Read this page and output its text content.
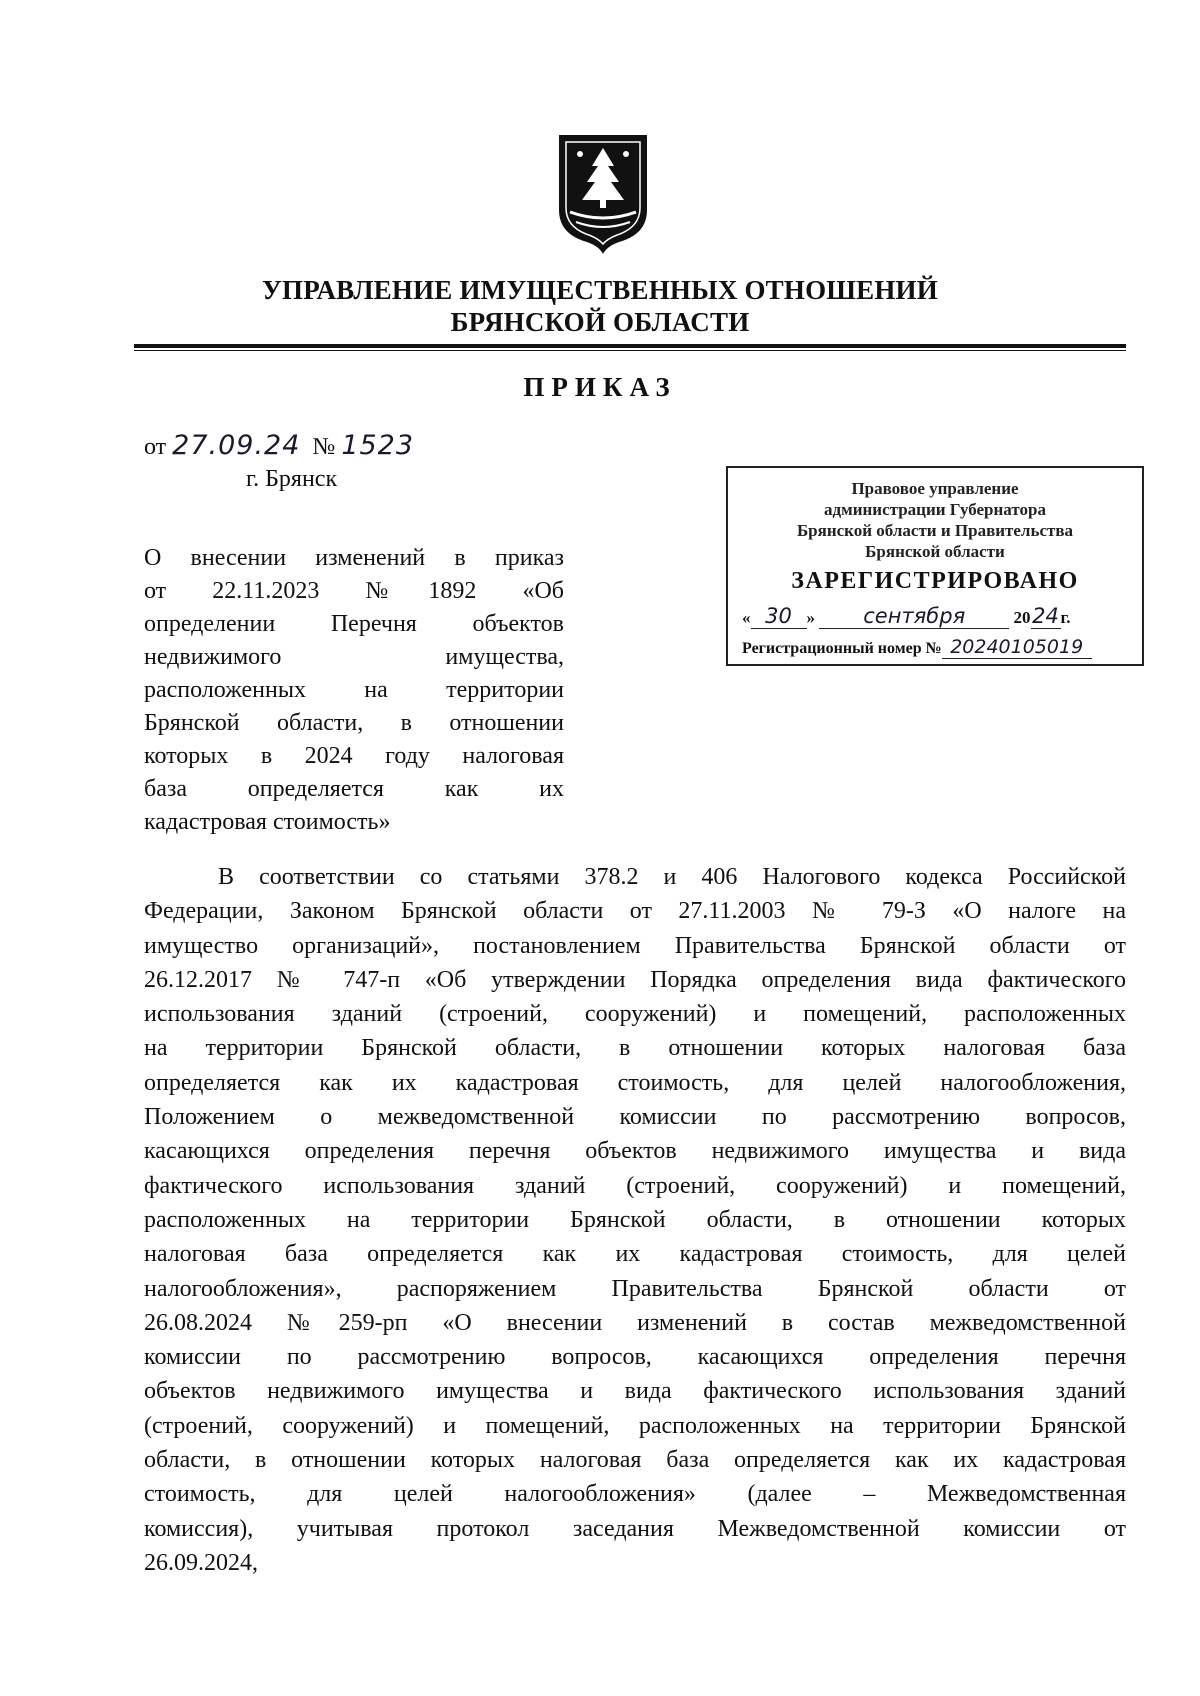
УПРАВЛЕНИЕ ИМУЩЕСТВЕННЫХ ОТНОШЕНИЙ
БРЯНСКОЙ ОБЛАСТИ
ПРИКАЗ
от 27.09.24 № 1523
г. Брянск
О внесении изменений в приказ
от 22.11.2023 №1892 «Об
определении Перечня объектов
недвижимого имущества,
расположенных на территории
Брянской области, в отношении
которых в 2024 году налоговая
база определяется как их
кадастровая стоимость»
Правовое управление
администрации Губернатора
Брянской области и Правительства
Брянской области
ЗАРЕГИСТРИРОВАНО
« 30 » сентября	2024г.
Регистрационный номер № 20240105019
В соответствии со статьями 378.2 и 406 Налогового кодекса Российской
Федерации, Законом Брянской области от 27.11.2003 № 79-З «О налоге на
имущество организаций», постановлением Правительства Брянской области от
26.12.2017 № 747-п «Об утверждении Порядка определения вида фактического
использования зданий (строений, сооружений) и помещений, расположенных
на территории Брянской области, в отношении которых налоговая база
определяется как их кадастровая стоимость, для целей налогообложения,
Положением о межведомственной комиссии по рассмотрению вопросов,
касающихся определения перечня объектов недвижимого имущества и вида
фактического использования зданий (строений, сооружений) и помещений,
расположенных на территории Брянской области, в отношении которых
налоговая база определяется как их кадастровая стоимость, для целей
налогообложения», распоряжением Правительства Брянской области от
26.08.2024 №259-рп «О внесении изменений в состав межведомственной
комиссии по рассмотрению вопросов, касающихся определения перечня
объектов недвижимого имущества и вида фактического использования зданий
(строений, сооружений) и помещений, расположенных на территории Брянской
области, в отношении которых налоговая база определяется как их кадастровая
стоимость, для целей налогообложения» (далее – Межведомственная
комиссия), учитывая протокол заседания Межведомственной комиссии от
26.09.2024,
